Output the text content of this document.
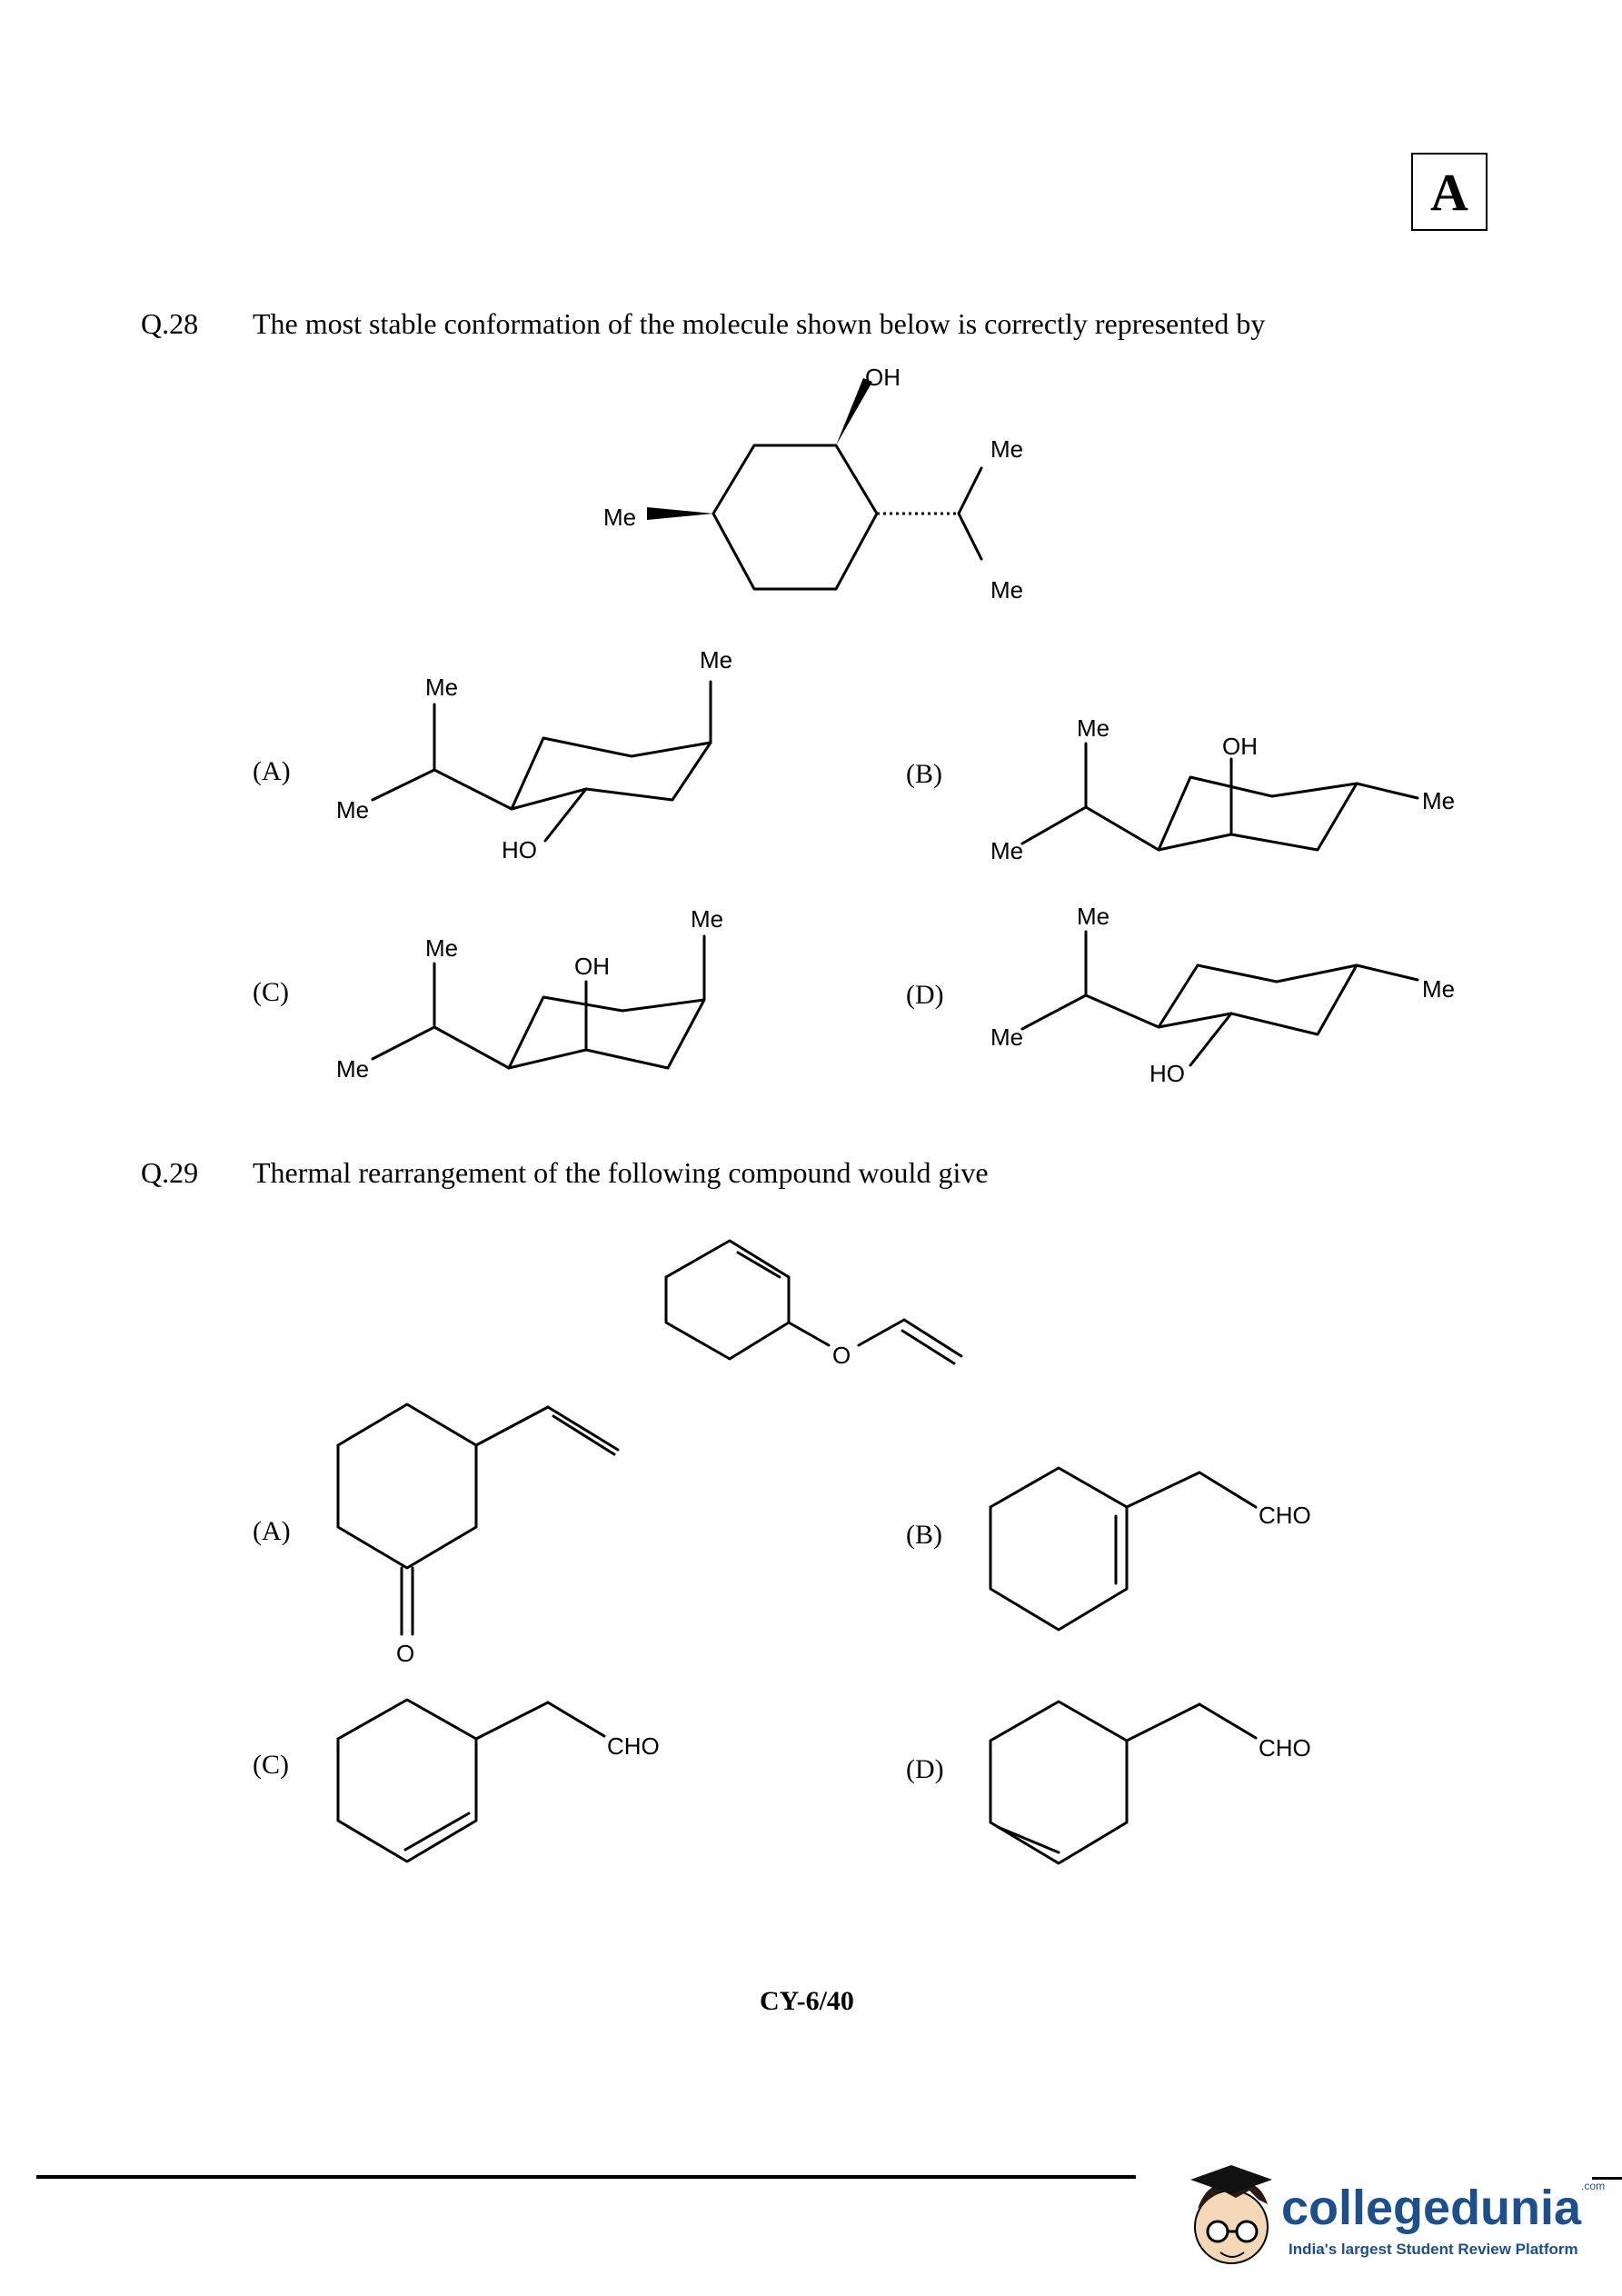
A
Q.28 The most stable conformation of the molecule shown below is correctly represented by
OH
Me
Me
Me
Me
Me
Me
HO
Me
OH
Me
Me
Me
Me
OH
Me
Me
Me
Me
HO
O
O
CHO
CHO	CHO
(A)	(B)
(C)	(D)
Q.29 Thermal rearrangement of the following compound would give
(A)	(B)
(C)	(D)
CY-6/40
collegedunia$^{.com}$
India's largest Student Review Platform
